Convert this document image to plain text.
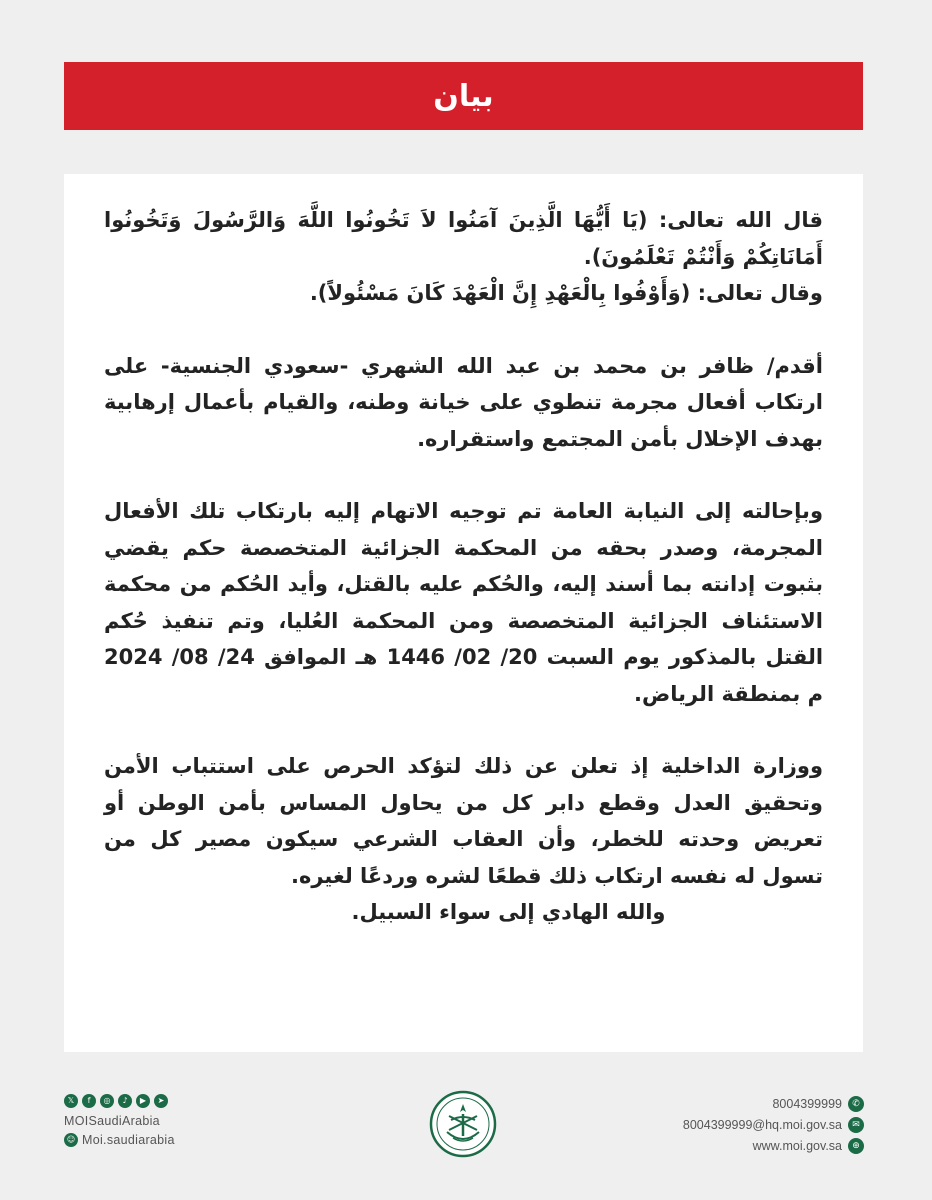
بيان

قال الله تعالى: (يَا أَيُّهَا الَّذِينَ آمَنُوا لاَ تَخُونُوا اللَّهَ وَالرَّسُولَ وَتَخُونُوا أَمَانَاتِكُمْ وَأَنْتُمْ تَعْلَمُونَ).

وقال تعالى: (وَأَوْفُوا بِالْعَهْدِ إِنَّ الْعَهْدَ كَانَ مَسْئُولاً).

أقدم/ ظافر بن محمد بن عبد الله الشهري -سعودي الجنسية- على ارتكاب أفعال مجرمة تنطوي على خيانة وطنه، والقيام بأعمال إرهابية بهدف الإخلال بأمن المجتمع واستقراره.

وبإحالته إلى النيابة العامة تم توجيه الاتهام إليه بارتكاب تلك الأفعال المجرمة، وصدر بحقه من المحكمة الجزائية المتخصصة حكم يقضي بثبوت إدانته بما أسند إليه، والحُكم عليه بالقتل، وأيد الحُكم من محكمة الاستئناف الجزائية المتخصصة ومن المحكمة العُليا، وتم تنفيذ حُكم القتل بالمذكور يوم السبت 20/ 02/ 1446 هـ الموافق 24/ 08/ 2024 م بمنطقة الرياض.

ووزارة الداخلية إذ تعلن عن ذلك لتؤكد الحرص على استتباب الأمن وتحقيق العدل وقطع دابر كل من يحاول المساس بأمن الوطن أو تعريض وحدته للخطر، وأن العقاب الشرعي سيكون مصير كل من تسول له نفسه ارتكاب ذلك قطعًا لشره وردعًا لغيره.

والله الهادي إلى سواء السبيل.

𝕏	f	◎	♪	▶	➤
MOISaudiArabia
☺ Moi.saudiarabia
8004399999	✆
8004399999@hq.moi.gov.sa	✉
www.moi.gov.sa	⊕
